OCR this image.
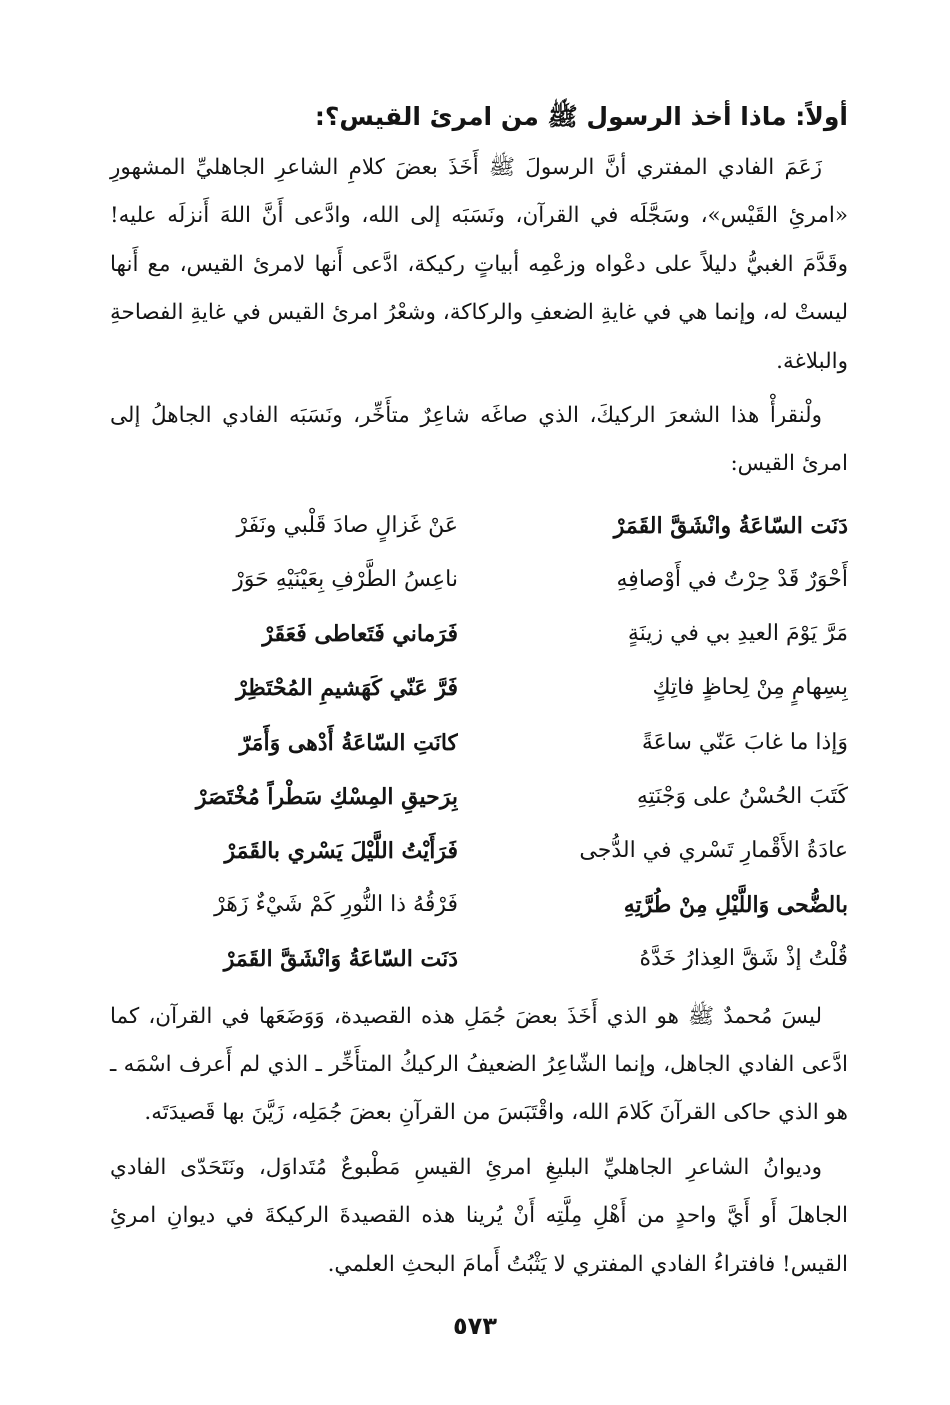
أولاً: ماذا أخذ الرسول ﷺ من امرئ القيس؟:

زَعَمَ الفادي المفتري أنَّ الرسولَ ﷺ أَخَذَ بعضَ كلامِ الشاعرِ الجاهليِّ المشهورِ «امرئِ القَيْس»، وسَجَّلَه في القرآن، ونَسَبَه إلى الله، وادَّعى أَنَّ اللهَ أَنزلَه عليه! وقَدَّمَ الغبيُّ دليلاً على دعْواه وزعْمِه أبياتٍ ركيكة، ادَّعى أَنها لامرئ القيس، مع أَنها ليستْ له، وإنما هي في غايةِ الضعفِ والركاكة، وشعْرُ امرئ القيس في غايةِ الفصاحةِ والبلاغة.

ولْنقرأْ هذا الشعرَ الركيكَ، الذي صاغَه شاعِرٌ متأَخِّر، ونَسَبَه الفادي الجاهلُ إلى امرئ القيس:

دَنَت السّاعَةُ وانْشَقَّ القَمَرْ
عَنْ غَزالٍ صادَ قَلْبي ونَفَرْ
أَحْوَرٌ قَدْ حِرْتُ في أَوْصافِهِ
ناعِسُ الطَّرْفِ بِعَيْنَيْهِ حَوَرْ
مَرَّ يَوْمَ العيدِ بي في زينَةٍ
فَرَماني فَتَعاطى فَعَقَرْ
بِسِهامٍ مِنْ لِحاظٍ فاتِكٍ
فَرَّ عَنّي كَهَشيمِ المُحْتَظِرْ
وَإذا ما غابَ عَنّي ساعَةً
كانَتِ السّاعَةُ أَدْهى وَأَمَرّ
كَتَبَ الحُسْنُ على وَجْنَتِهِ
بِرَحيقِ المِسْكِ سَطْراً مُخْتَصَرْ
عادَةُ الأَقْمارِ تَسْري في الدُّجى
فَرَأَيْتُ اللَّيْلَ يَسْري بالقَمَرْ
بالضُّحى وَاللَّيْلِ مِنْ طُرَّتِهِ
فَرْقُهُ ذا النُّورِ كَمْ شَيْءٌ زَهَرْ
قُلْتُ إذْ شَقَّ العِذارُ خَدَّهُ
دَنَت السّاعَةُ وَانْشَقَّ القَمَرْ

ليسَ مُحمدٌ ﷺ هو الذي أَخَذَ بعضَ جُمَلِ هذه القصيدة، وَوَضَعَها في القرآن، كما ادَّعى الفادي الجاهل، وإنما الشّاعِرُ الضعيفُ الركيكُ المتأَخِّر ـ الذي لم أَعرف اسْمَه ـ هو الذي حاكى القرآنَ كَلامَ الله، واقْتَبَسَ من القرآنِ بعضَ جُمَلِه، زَيَّنَ بها قَصيدَتَه.

وديوانُ الشاعرِ الجاهليِّ البليغِ امرئِ القيسِ مَطْبوعٌ مُتَداوَل، ونَتَحَدّى الفادي الجاهلَ أَو أَيَّ واحدٍ من أَهْلِ مِلَّتِه أَنْ يُرينا هذه القصيدةَ الركيكةَ في ديوانِ امرئِ القيس! فافتراءُ الفادي المفتري لا يَثْبُتُ أَمامَ البحثِ العلمي.

٥٧٣
